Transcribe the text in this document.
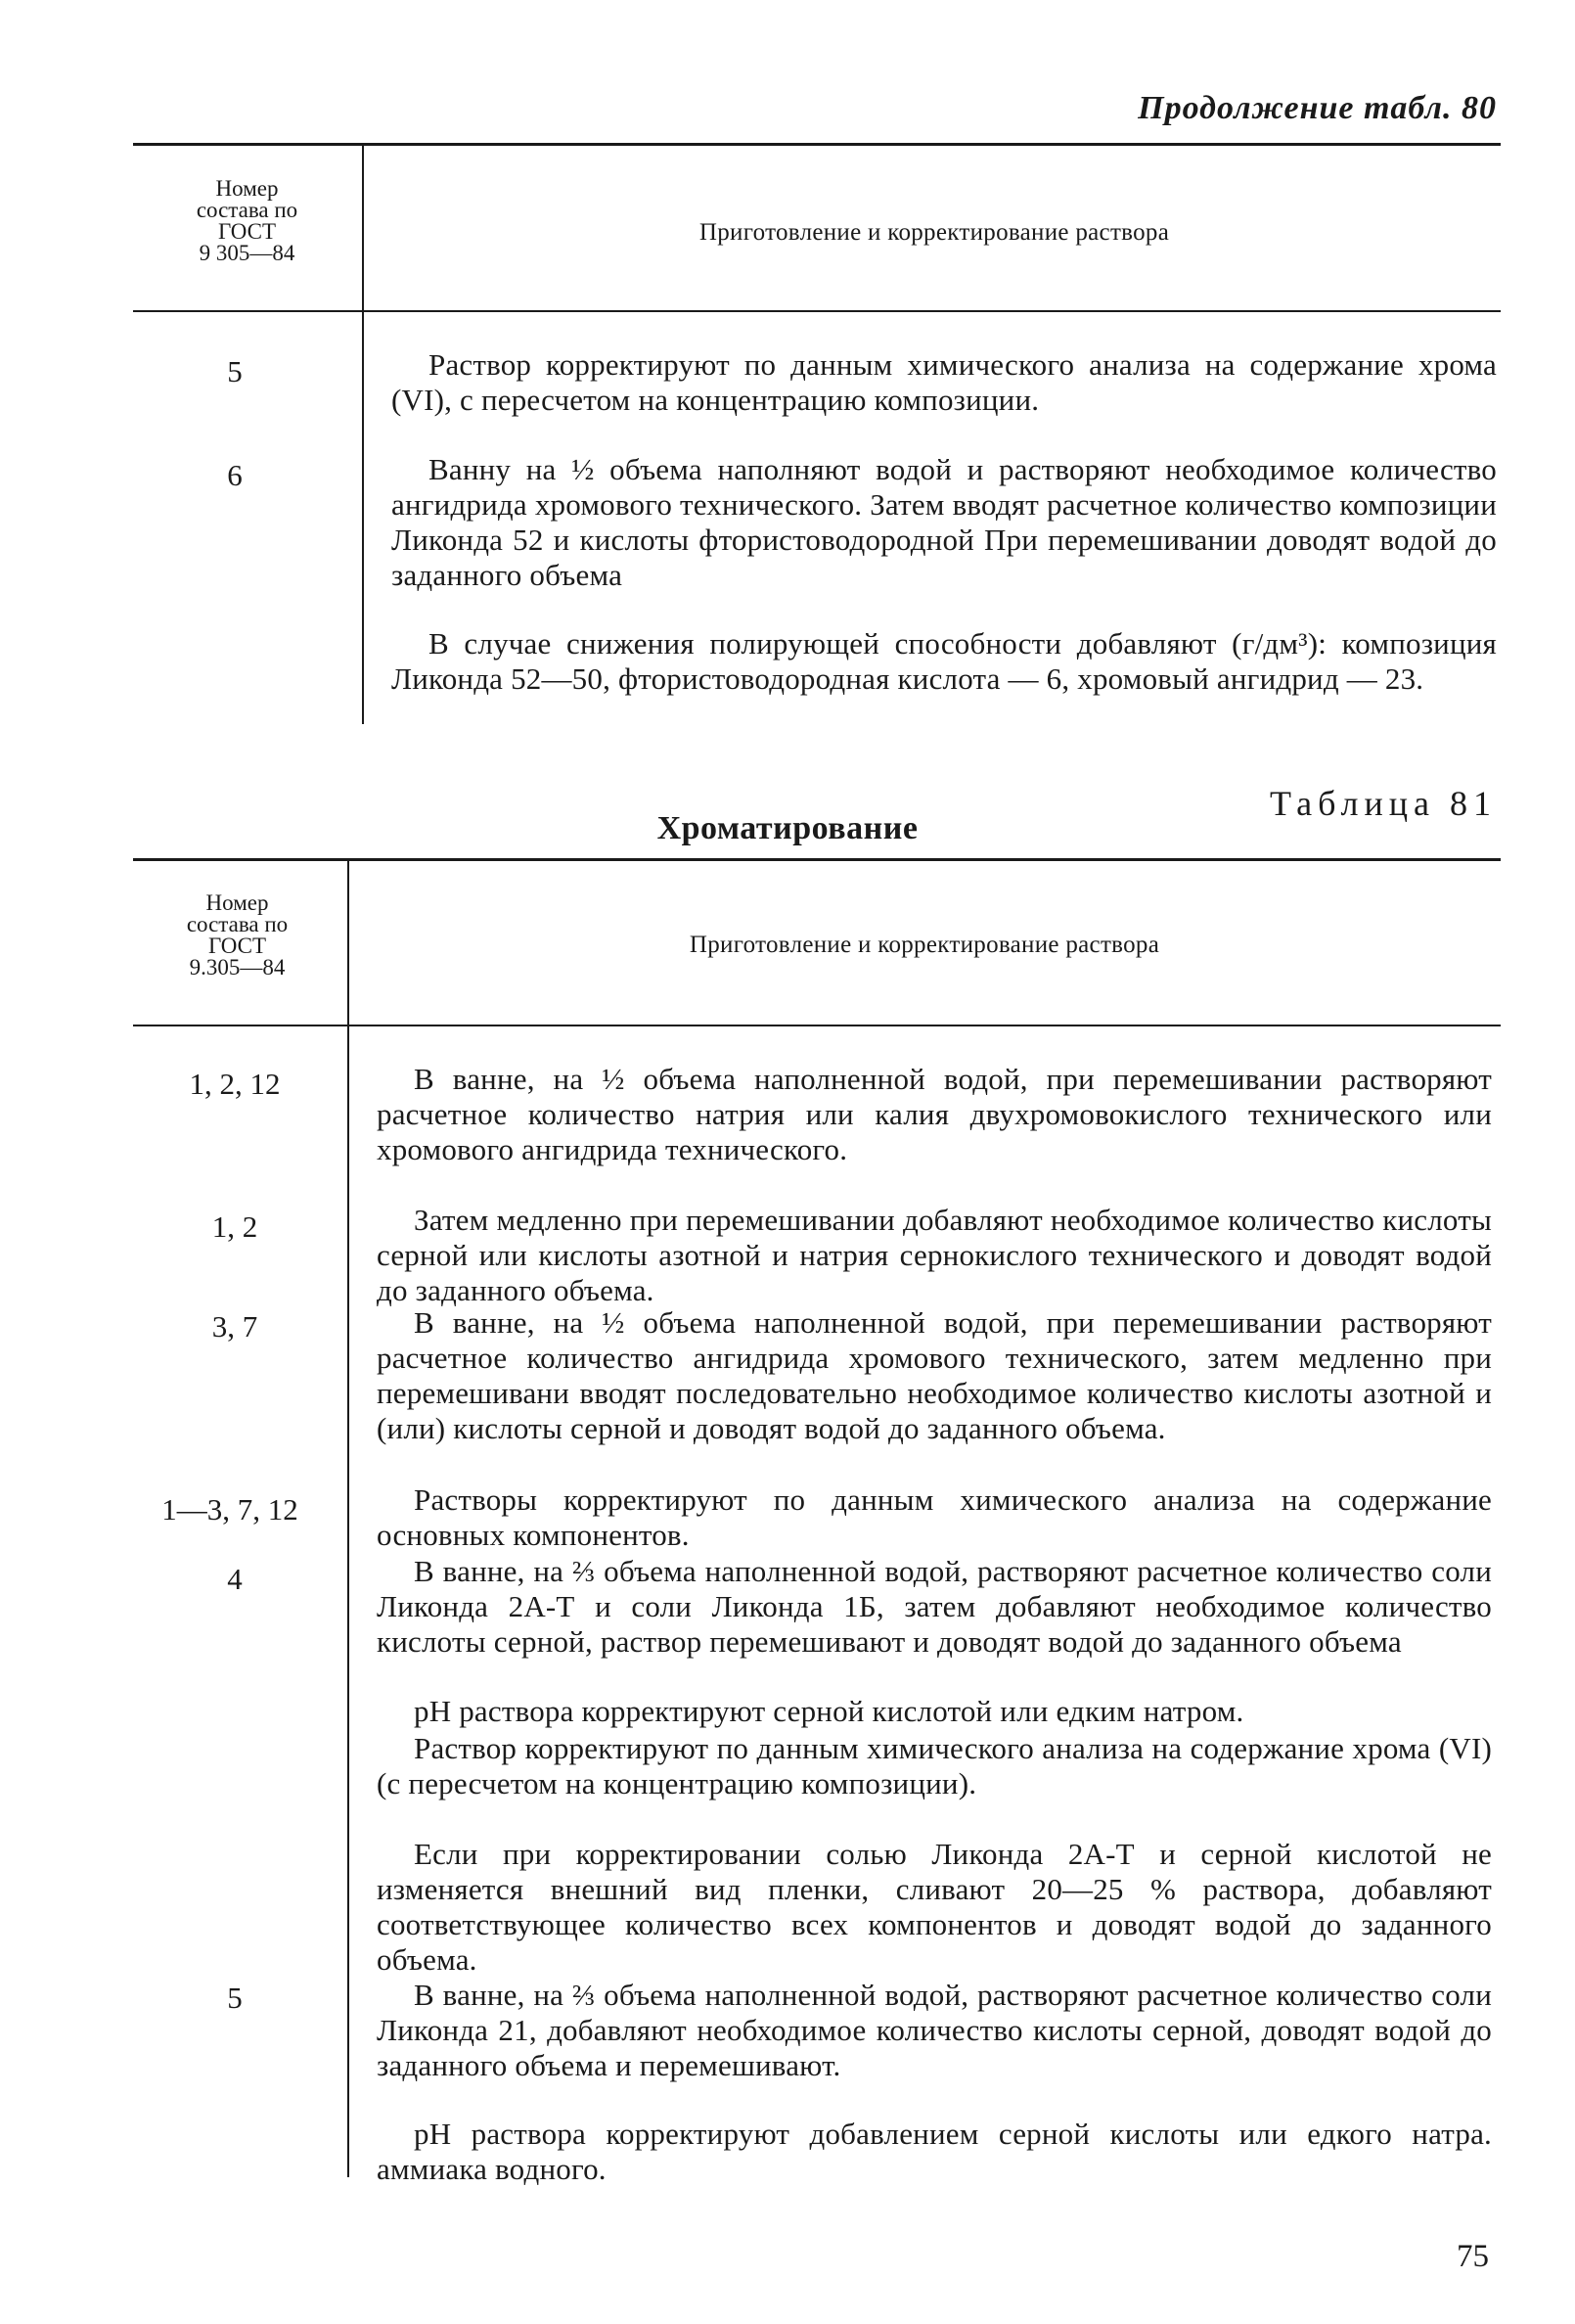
Продолжение табл. 80
Номер
состава по
ГОСТ
9 305—84
Приготовление и корректирование раствора
5
6
Раствор корректируют по данным химического анализа на содержание хрома (VI), с пересчетом на концентрацию композиции.
Ванну на ½ объема наполняют водой и растворяют необходимое количество ангидрида хромового технического. Затем вводят расчетное количество композиции Ликонда 52 и кислоты фтористоводородной При перемешивании доводят водой до заданного объема
В случае снижения полирующей способности добавляют (г/дм³): композиция Ликонда 52—50, фтористоводородная кислота — 6, хромовый ангидрид — 23.
Таблица 81
Хроматирование
Номер
состава по
ГОСТ
9.305—84
Приготовление и корректирование раствора
1, 2, 12
1, 2
3, 7
1—3, 7, 12
4
5
В ванне, на ½ объема наполненной водой, при перемешивании растворяют расчетное количество натрия или калия двухромовокислого технического или хромового ангидрида технического.
Затем медленно при перемешивании добавляют необходимое количество кислоты серной или кислоты азотной и натрия сернокислого технического и доводят водой до заданного объема.
В ванне, на ½ объема наполненной водой, при перемешивании растворяют расчетное количество ангидрида хромового технического, затем медленно при перемешивани вводят последовательно необходимое количество кислоты азотной и (или) кислоты серной и доводят водой до заданного объема.
Растворы корректируют по данным химического анализа на содержание основных компонентов.
В ванне, на ⅔ объема наполненной водой, растворяют расчетное количество соли Ликонда 2А-Т и соли Ликонда 1Б, затем добавляют необходимое количество кислоты серной, раствор перемешивают и доводят водой до заданного объема
pH раствора корректируют серной кислотой или едким натром.
Раствор корректируют по данным химического анализа на содержание хрома (VI) (с пересчетом на концентрацию композиции).
Если при корректировании солью Ликонда 2А-Т и серной кислотой не изменяется внешний вид пленки, сливают 20—25 % раствора, добавляют соответствующее количество всех компонентов и доводят водой до заданного объема.
В ванне, на ⅔ объема наполненной водой, растворяют расчетное количество соли Ликонда 21, добавляют необходимое количество кислоты серной, доводят водой до заданного объема и перемешивают.
pH раствора корректируют добавлением серной кислоты или едкого натра. аммиака водного.
75
